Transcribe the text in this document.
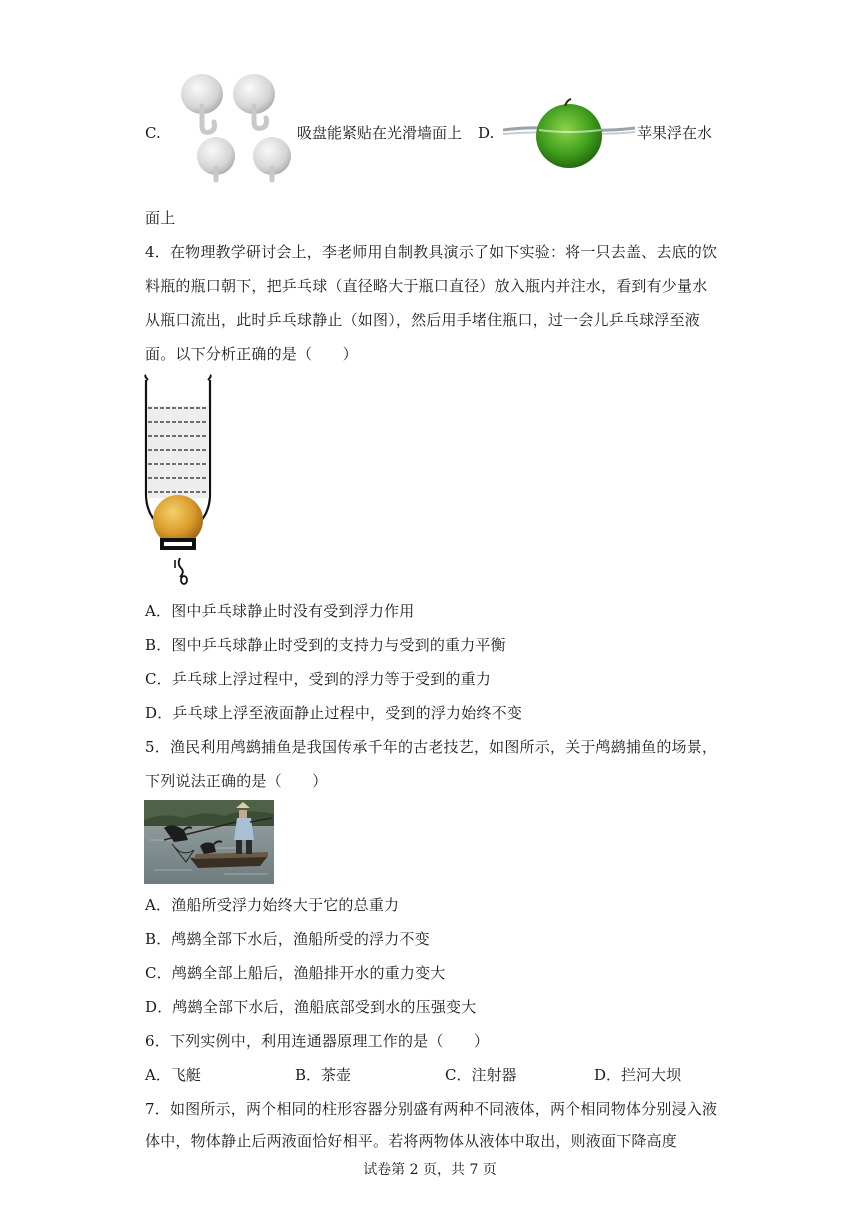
C.	吸盘能紧贴在光滑墙面上 D.	苹果浮在水
面上
4．在物理教学研讨会上，李老师用自制教具演示了如下实验：将一只去盖、去底的饮
料瓶的瓶口朝下，把乒乓球（直径略大于瓶口直径）放入瓶内并注水，看到有少量水
从瓶口流出，此时乒乓球静止（如图），然后用手堵住瓶口，过一会儿乒乓球浮至液
面。以下分析正确的是（　　）
A．图中乒乓球静止时没有受到浮力作用
B．图中乒乓球静止时受到的支持力与受到的重力平衡
C．乒乓球上浮过程中，受到的浮力等于受到的重力
D．乒乓球上浮至液面静止过程中，受到的浮力始终不变
5．渔民利用鸬鹚捕鱼是我国传承千年的古老技艺，如图所示，关于鸬鹚捕鱼的场景，
下列说法正确的是（　　）
A．渔船所受浮力始终大于它的总重力
B．鸬鹚全部下水后，渔船所受的浮力不变
C．鸬鹚全部上船后，渔船排开水的重力变大
D．鸬鹚全部下水后，渔船底部受到水的压强变大
6．下列实例中，利用连通器原理工作的是（　　）
A．飞艇	B．茶壶	C．注射器	D．拦河大坝
7．如图所示，两个相同的柱形容器分别盛有两种不同液体，两个相同物体分别浸入液
体中，物体静止后两液面恰好相平。若将两物体从液体中取出，则液面下降高度
试卷第 2 页，共 7 页
